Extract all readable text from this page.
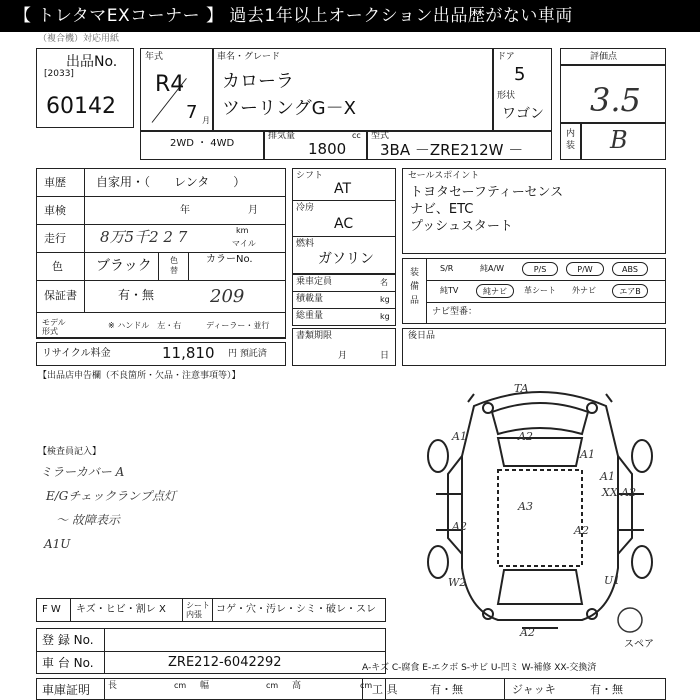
【 トレタマEXコーナー 】 過去1年以上オークション出品歴がない車両
（複合機）対応用紙
出品No.
[2033]
60142
年式
R4
7 月
車名・グレード
カローラ
ツーリングG－X
ドア
5
形状
ワゴン
2WD ・ 4WD
排気量	cc
1800
型式
3BA －ZRE212W －
評価点
3.5
内装 B
車歴	自家用・（　　レンタ　　）
車検	年	月
走行 8万5千2 2 7	km
マイル
色 ブラック 色替
カラーNo.
209
保証書	有・無
モデル形式
※ ハンドル　左・右	ディーラー・並行
リサイクル料金	11,810 円 預託済
シフト
AT
冷房
AC
燃料
ガソリン
乗車定員	名
積載量	kg
総重量	kg
書類期限
月	日
セールスポイント
トヨタセーフティーセンス
ナビ、ETC
プッシュスタート
装備品
S/R	純A/W	P/S	P/W	ABS
純TV	純ナビ	革シート 外ナビ	エアB
ナビ型番：
後日品
【出品店申告欄（不良箇所・欠品・注意事項等）】
【検査員記入】
ミラーカバー A
E/Gチェックランプ点灯
～ 故障表示
A1U
TA
A2
A1
A1
A3
A2	A2
A1
W2	U1
XX A2
A2
スペア
F W キズ・ヒビ・割レ X	シート内張	コゲ・穴・汚レ・シミ・破レ・スレ
登 録 No.
車 台 No.	ZRE212-6042292
車庫証明 長	cm 幅	cm 高	cm
A-キズ C-腐食 E-エクボ S-サビ U-凹ミ W-補修 XX-交換済
工 具	有・無	ジャッキ	有・無
